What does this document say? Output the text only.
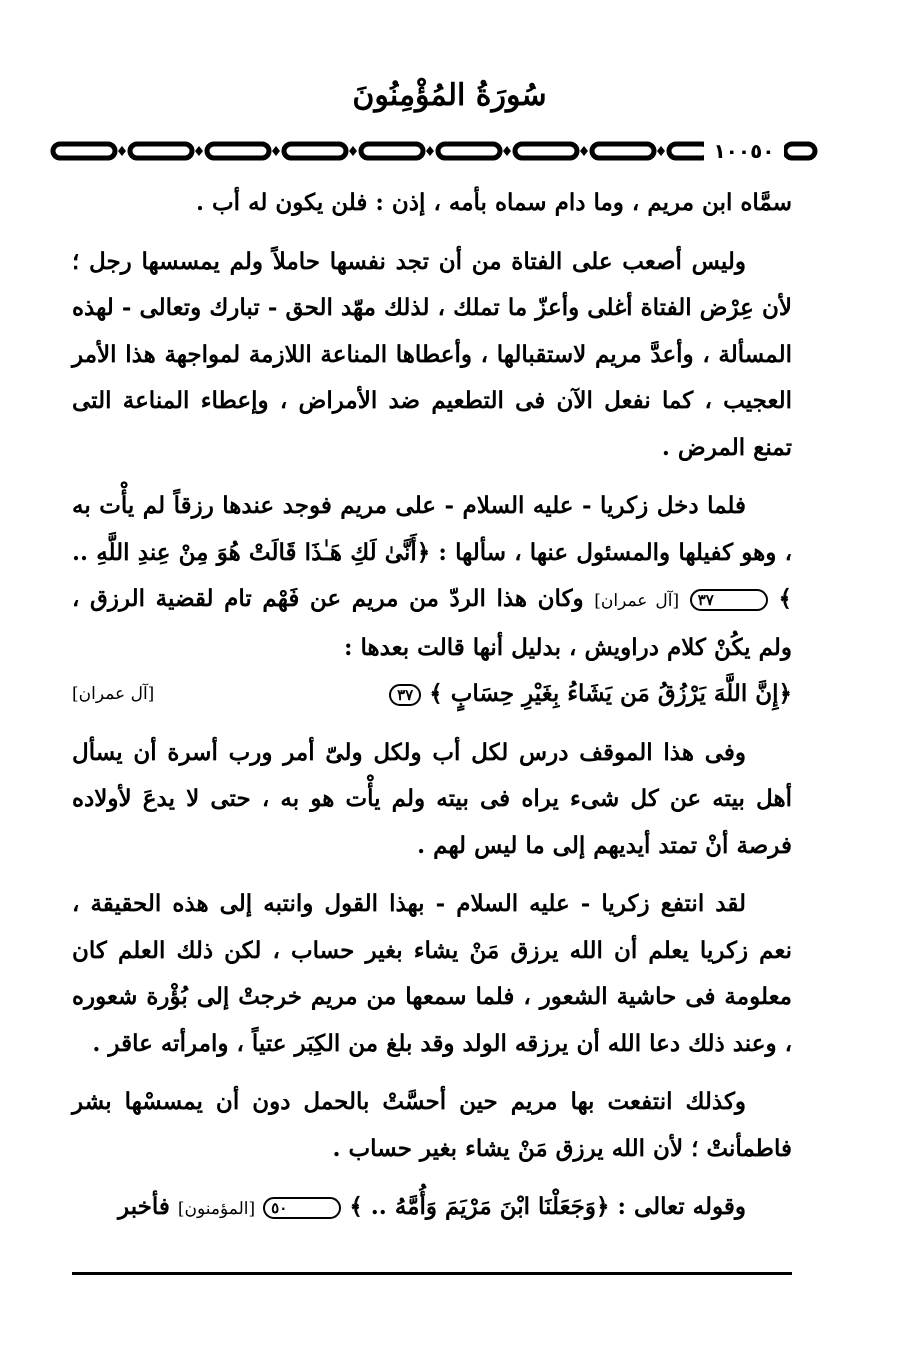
سُورَةُ المُؤْمِنُونَ
١٠٠٥٠

سمَّاه ابن مريم ، وما دام سماه بأمه ، إذن : فلن يكون له أب .

وليس أصعب على الفتاة من أن تجد نفسها حاملاً ولم يمسسها رجل ؛ لأن عِرْض الفتاة أغلى وأعزّ ما تملك ، لذلك مهّد الحق - تبارك وتعالى - لهذه المسألة ، وأعدَّ مريم لاستقبالها ، وأعطاها المناعة اللازمة لمواجهة هذا الأمر العجيب ، كما نفعل الآن فى التطعيم ضد الأمراض ، وإعطاء المناعة التى تمنع المرض .

فلما دخل زكريا - عليه السلام - على مريم فوجد عندها رزقاً لم يأْت به ، وهو كفيلها والمسئول عنها ، سألها : ﴿أَنَّىٰ لَكِ هَـٰذَا قَالَتْ هُوَ مِنْ عِندِ اللَّهِ .. ﴾ ٣٧ [آل عمران] وكان هذا الردّ من مريم عن فَهْم تام لقضية الرزق ، ولم يكُنْ كلام دراويش ، بدليل أنها قالت بعدها :

﴿إِنَّ اللَّهَ يَرْزُقُ مَن يَشَاءُ بِغَيْرِ حِسَابٍ ﴾ ٣٧
[آل عمران]

وفى هذا الموقف درس لكل أب ولكل ولىّ أمر ورب أسرة أن يسأل أهل بيته عن كل شىء يراه فى بيته ولم يأْت هو به ، حتى لا يدعَ لأولاده فرصة أنْ تمتد أيديهم إلى ما ليس لهم .

لقد انتفع زكريا - عليه السلام - بهذا القول وانتبه إلى هذه الحقيقة ، نعم زكريا يعلم أن الله يرزق مَنْ يشاء بغير حساب ، لكن ذلك العلم كان معلومة فى حاشية الشعور ، فلما سمعها من مريم خرجتْ إلى بُؤْرة شعوره ، وعند ذلك دعا الله أن يرزقه الولد وقد بلغ من الكِبَر عتياً ، وامرأته عاقر .

وكذلك انتفعت بها مريم حين أحسَّتْ بالحمل دون أن يمسسْها بشر فاطمأنتْ ؛ لأن الله يرزق مَنْ يشاء بغير حساب .

وقوله تعالى : ﴿وَجَعَلْنَا ابْنَ مَرْيَمَ وَأُمَّهُ .. ﴾ ٥٠ [المؤمنون] فأخبر
